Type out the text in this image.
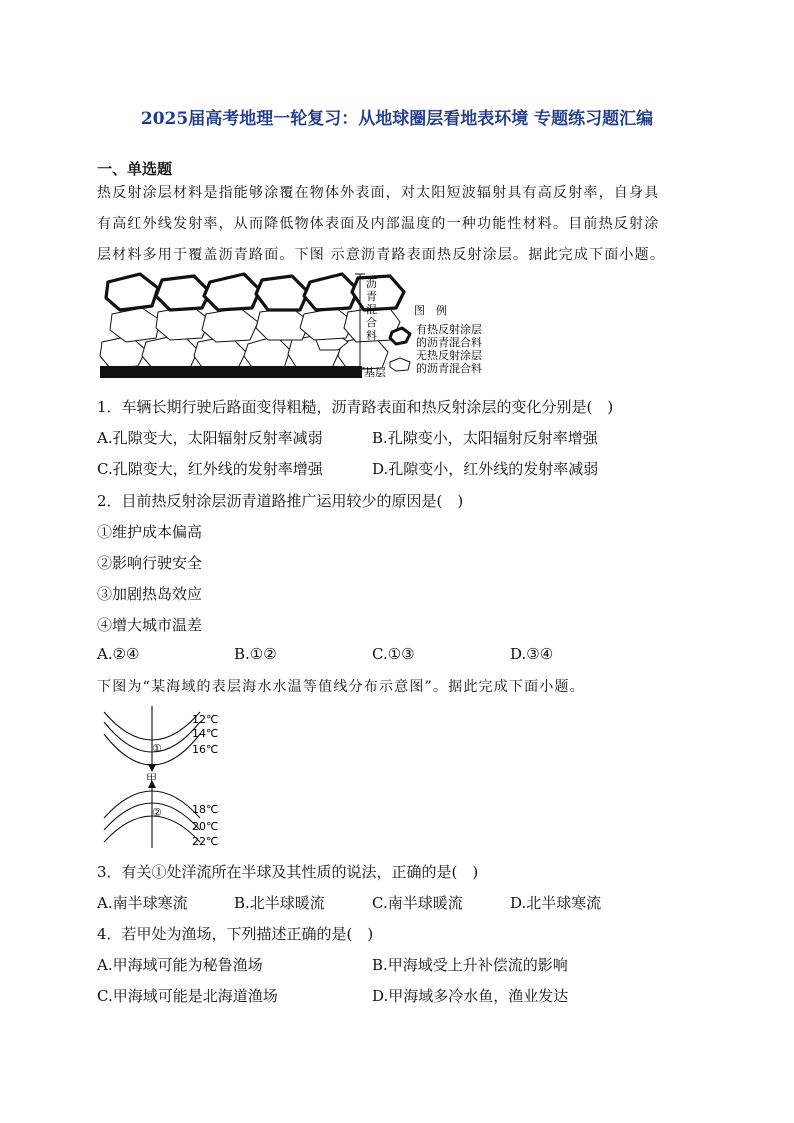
2025届高考地理一轮复习：从地球圈层看地表环境 专题练习题汇编
一、单选题
热反射涂层材料是指能够涂覆在物体外表面，对太阳短波辐射具有高反射率，自身具
有高红外线发射率，从而降低物体表面及内部温度的一种功能性材料。目前热反射涂
层材料多用于覆盖沥青路面。下图 示意沥青路表面热反射涂层。据此完成下面小题。
沥 青 混 合 料
基层
图　例
有热反射涂层
的沥青混合料
无热反射涂层
的沥青混合料
1．车辆长期行驶后路面变得粗糙，沥青路表面和热反射涂层的变化分别是(　)
A.孔隙变大，太阳辐射反射率减弱	B.孔隙变小，太阳辐射反射率增强
C.孔隙变大，红外线的发射率增强	D.孔隙变小，红外线的发射率减弱
2．目前热反射涂层沥青道路推广运用较少的原因是(　)
①维护成本偏高
②影响行驶安全
③加剧热岛效应
④增大城市温差
A.②④	B.①②	C.①③	D.③④
下图为“某海域的表层海水水温等值线分布示意图”。据此完成下面小题。
甲
①
②
12℃
14℃
16℃
18℃
20℃
22℃
3．有关①处洋流所在半球及其性质的说法，正确的是(　)
A.南半球寒流	B.北半球暖流	C.南半球暖流	D.北半球寒流
4．若甲处为渔场，下列描述正确的是(　)
A.甲海域可能为秘鲁渔场	B.甲海域受上升补偿流的影响
C.甲海域可能是北海道渔场	D.甲海域多冷水鱼，渔业发达
